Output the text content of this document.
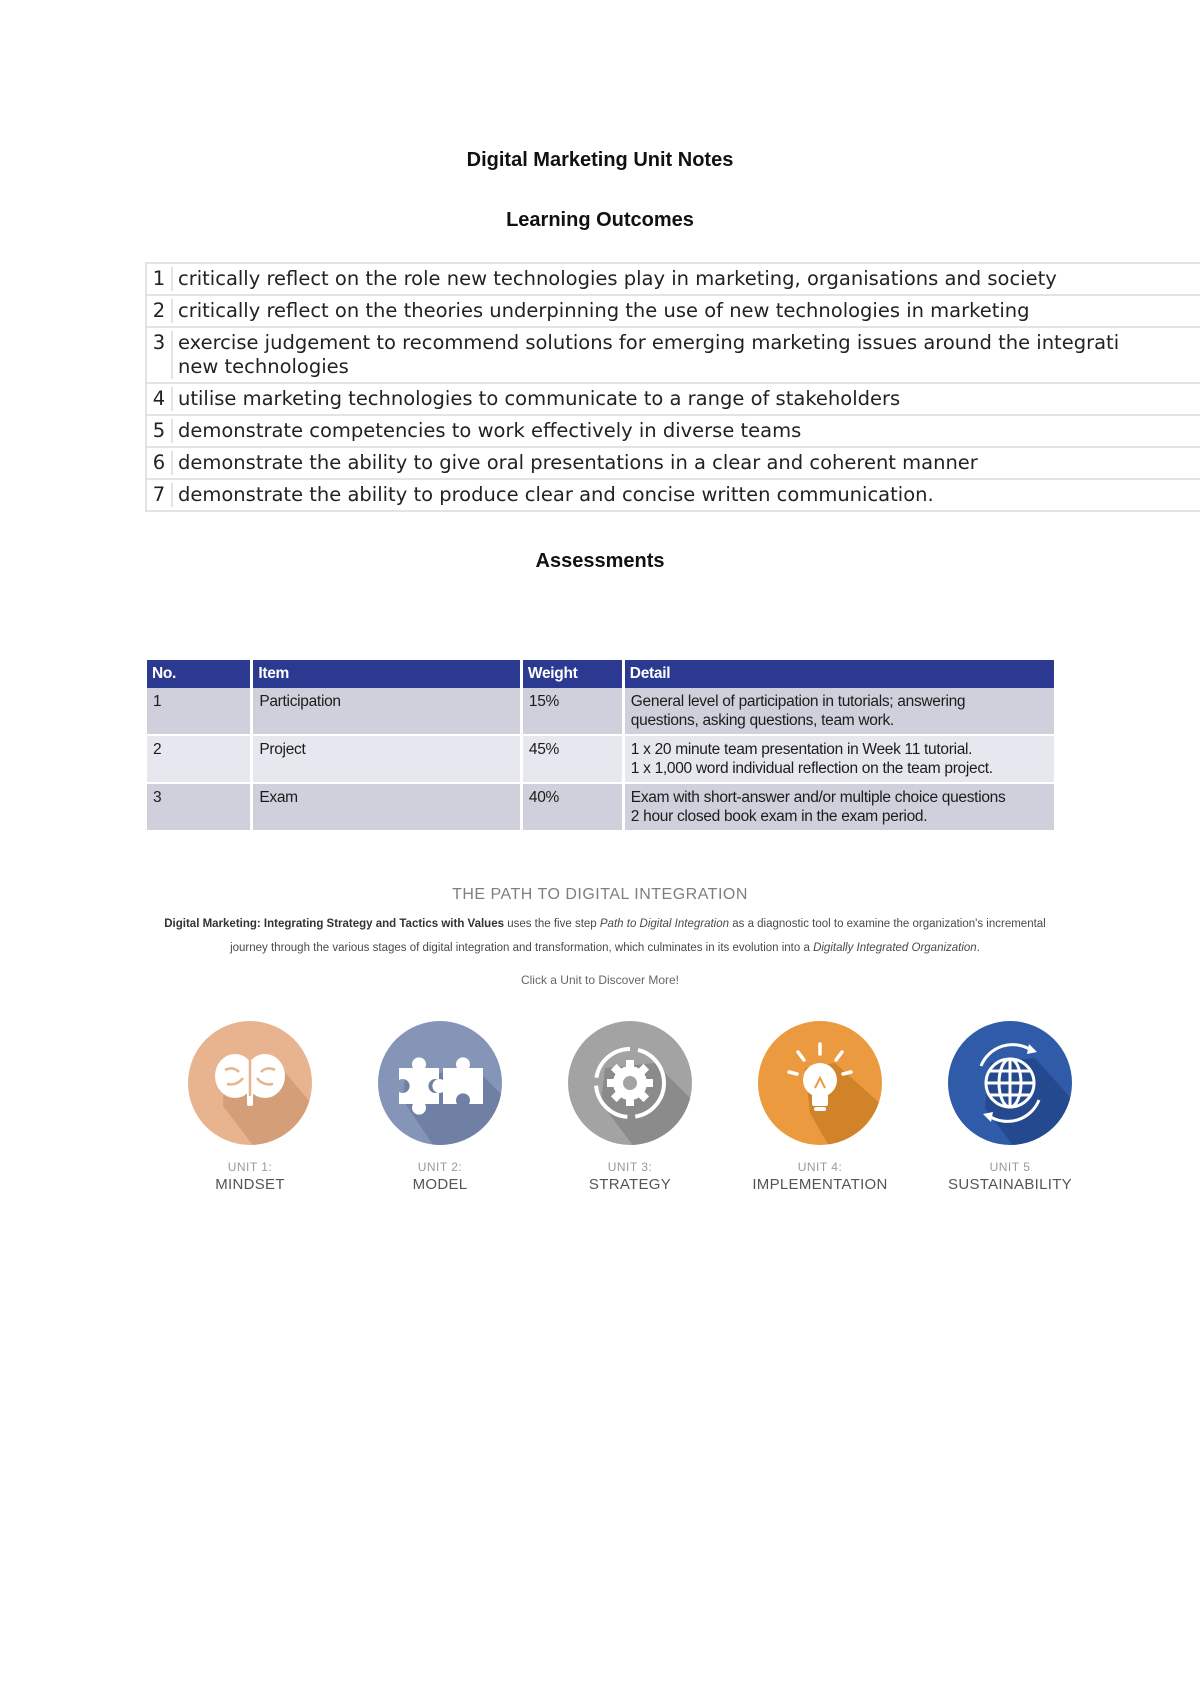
Digital Marketing Unit Notes
Learning Outcomes
1 critically reflect on the role new technologies play in marketing, organisations and society
2 critically reflect on the theories underpinning the use of new technologies in marketing
3 exercise judgement to recommend solutions for emerging marketing issues around the integrati
new technologies
4 utilise marketing technologies to communicate to a range of stakeholders
5 demonstrate competencies to work effectively in diverse teams
6 demonstrate the ability to give oral presentations in a clear and coherent manner
7 demonstrate the ability to produce clear and concise written communication.
Assessments
No.	Item	Weight	Detail
1	Participation	15%	General level of participation in tutorials; answering
questions, asking questions, team work.

2	Project	45%	1 x 20 minute team presentation in Week 11 tutorial.
1 x 1,000 word individual reflection on the team project.

3	Exam	40%	Exam with short-answer and/or multiple choice questions
2 hour closed book exam in the exam period.
THE PATH TO DIGITAL INTEGRATION
Digital Marketing: Integrating Strategy and Tactics with Values uses the five step Path to Digital Integration as a diagnostic tool to examine the organization's incremental journey through the various stages of digital integration and transformation, which culminates in its evolution into a Digitally Integrated Organization.
Click a Unit to Discover More!
UNIT 1:
MINDSET
UNIT 2:
MODEL
UNIT 3:
STRATEGY
UNIT 4:
IMPLEMENTATION
UNIT 5
SUSTAINABILITY
